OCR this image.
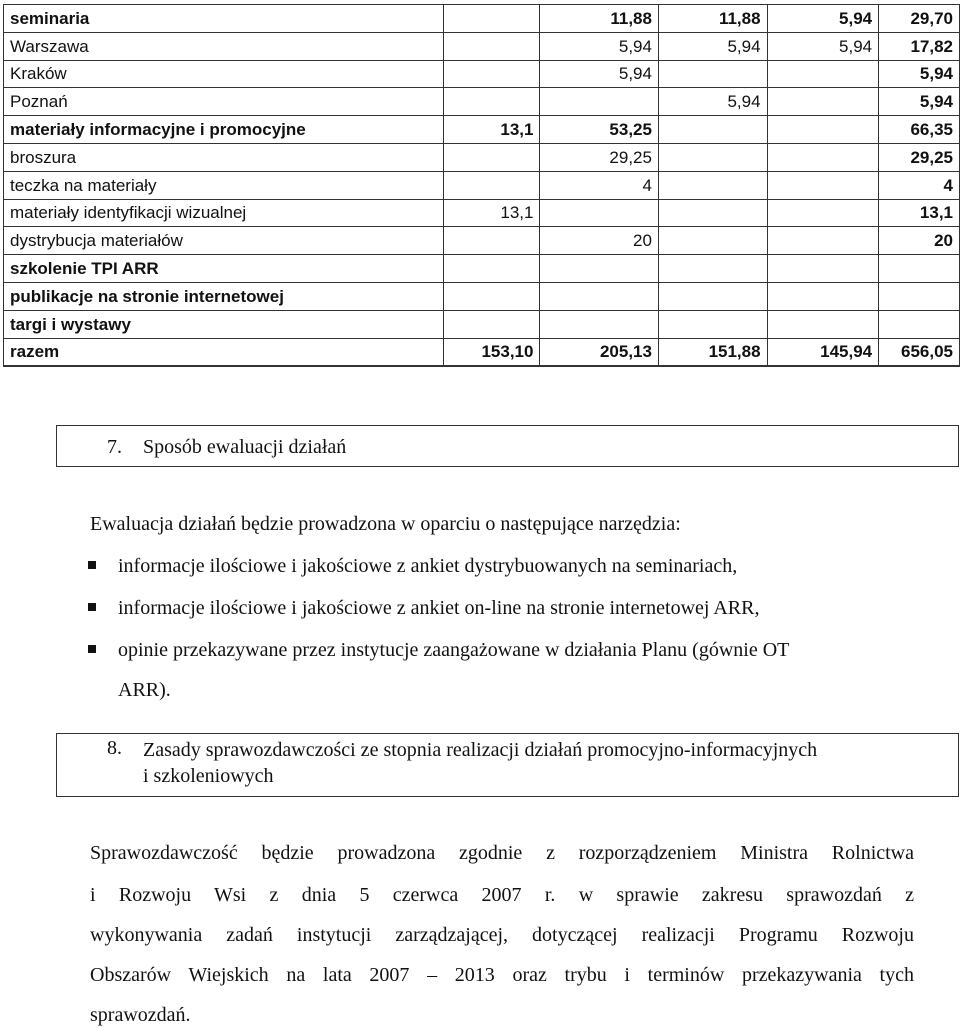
seminaria		11,88	11,88	5,94	29,70
Warszawa		5,94	5,94	5,94	17,82
Kraków		5,94			5,94
Poznań			5,94		5,94
materiały informacyjne i promocyjne	13,1	53,25			66,35
broszura		29,25			29,25
teczka na materiały		4			4
materiały identyfikacji wizualnej	13,1				13,1
dystrybucja materiałów		20			20
szkolenie TPI ARR					
publikacje na stronie internetowej					
targi i wystawy					
razem	153,10	205,13	151,88	145,94	656,05
7. Sposób ewaluacji działań
Ewaluacja działań będzie prowadzona w oparciu o następujące narzędzia:
informacje ilościowe i jakościowe z ankiet dystrybuowanych na seminariach,
informacje ilościowe i jakościowe z ankiet on-line na stronie internetowej ARR,
opinie przekazywane przez instytucje zaangażowane w działania Planu (gównie OT
ARR).
8. Zasady sprawozdawczości ze stopnia realizacji działań promocyjno-informacyjnych
i szkoleniowych
Sprawozdawczość będzie prowadzona zgodnie z rozporządzeniem Ministra Rolnictwa
i Rozwoju Wsi z dnia 5 czerwca 2007 r. w sprawie zakresu sprawozdań z
wykonywania zadań instytucji zarządzającej, dotyczącej realizacji Programu Rozwoju
Obszarów Wiejskich na lata 2007 – 2013 oraz trybu i terminów przekazywania tych
sprawozdań.
